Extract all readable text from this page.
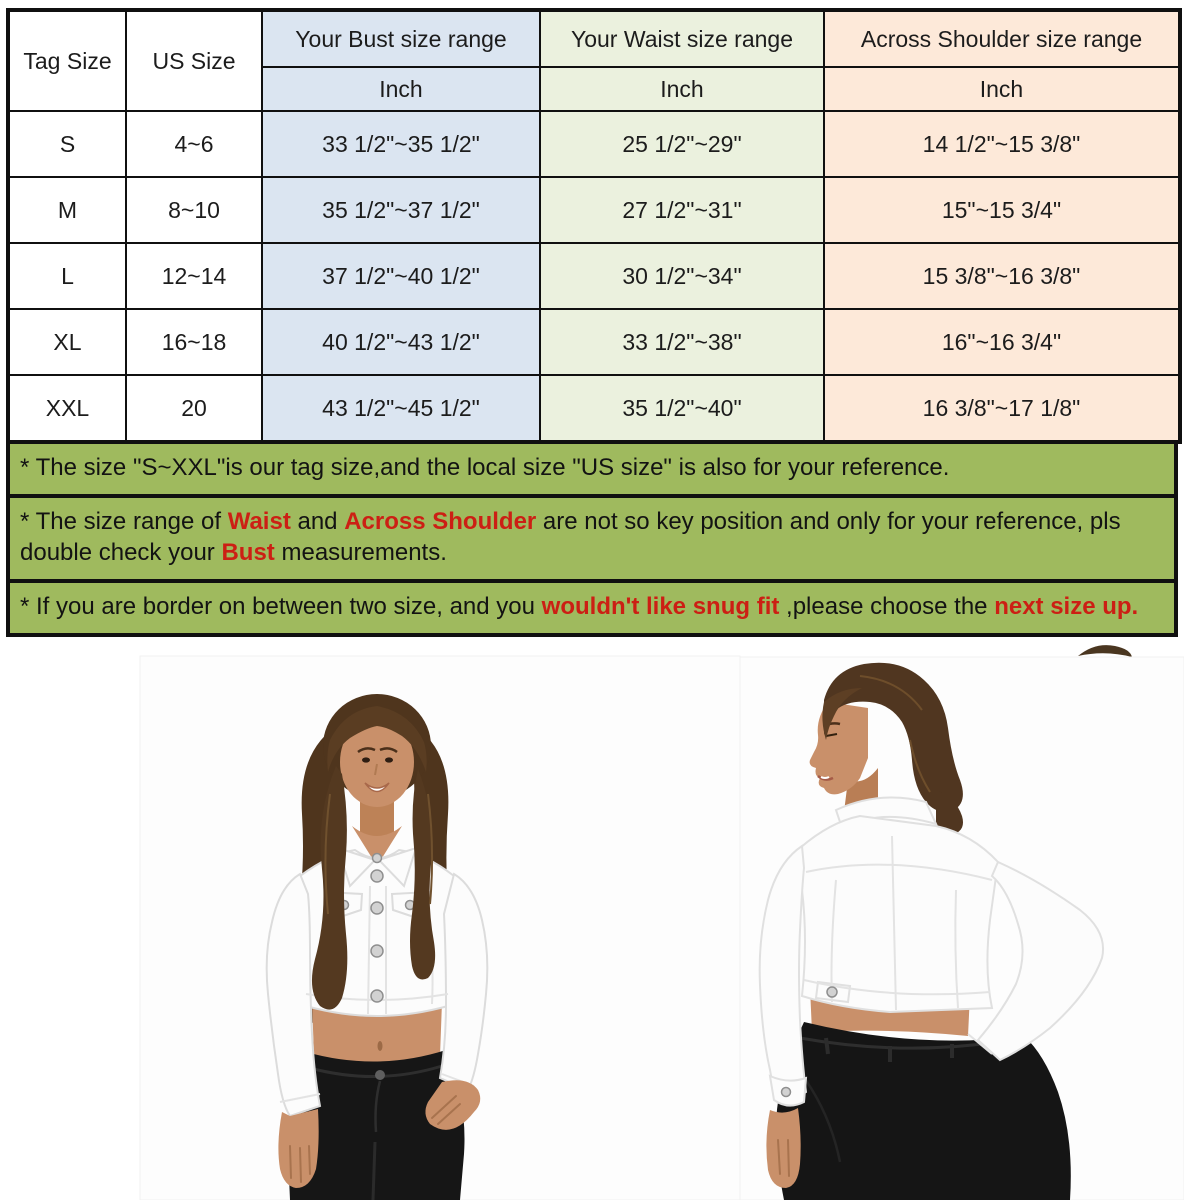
Tag Size	US Size	Your Bust size range	Your Waist size range	Across Shoulder size range
		Inch	Inch	Inch
S	4~6	33 1/2"~35 1/2"	25 1/2"~29"	14 1/2"~15 3/8"
M	8~10	35 1/2"~37 1/2"	27 1/2"~31"	15"~15 3/4"
L	12~14	37 1/2"~40 1/2"	30 1/2"~34"	15 3/8"~16 3/8"
XL	16~18	40 1/2"~43 1/2"	33 1/2"~38"	16"~16 3/4"
XXL	20	43 1/2"~45 1/2"	35 1/2"~40"	16 3/8"~17 1/8"
* The size "S~XXL"is our tag size,and the local size "US size" is also for your reference.
* The size range of Waist and Across Shoulder are not so key position and only for your reference, pls double check your Bust measurements.
* If you are border on between two size, and you wouldn't like snug fit ,please choose the next size up.
